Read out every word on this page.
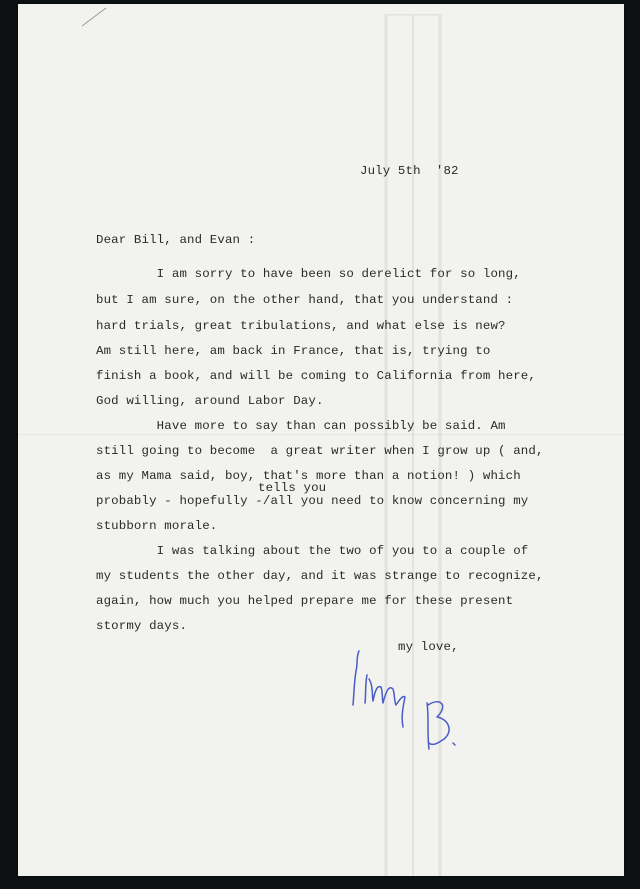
July 5th  '82
Dear Bill, and Evan :
I am sorry to have been so derelict for so long,
but I am sure, on the other hand, that you understand :
hard trials, great tribulations, and what else is new?
Am still here, am back in France, that is, trying to
finish a book, and will be coming to California from here,
God willing, around Labor Day.
Have more to say than can possibly be said. Am
still going to become  a great writer when I grow up ( and,
as my Mama said, boy, that's more than a notion! ) which
tells you
probably - hopefully -/all you need to know concerning my
stubborn morale.
I was talking about the two of you to a couple of
my students the other day, and it was strange to recognize,
again, how much you helped prepare me for these present
stormy days.
my love,
